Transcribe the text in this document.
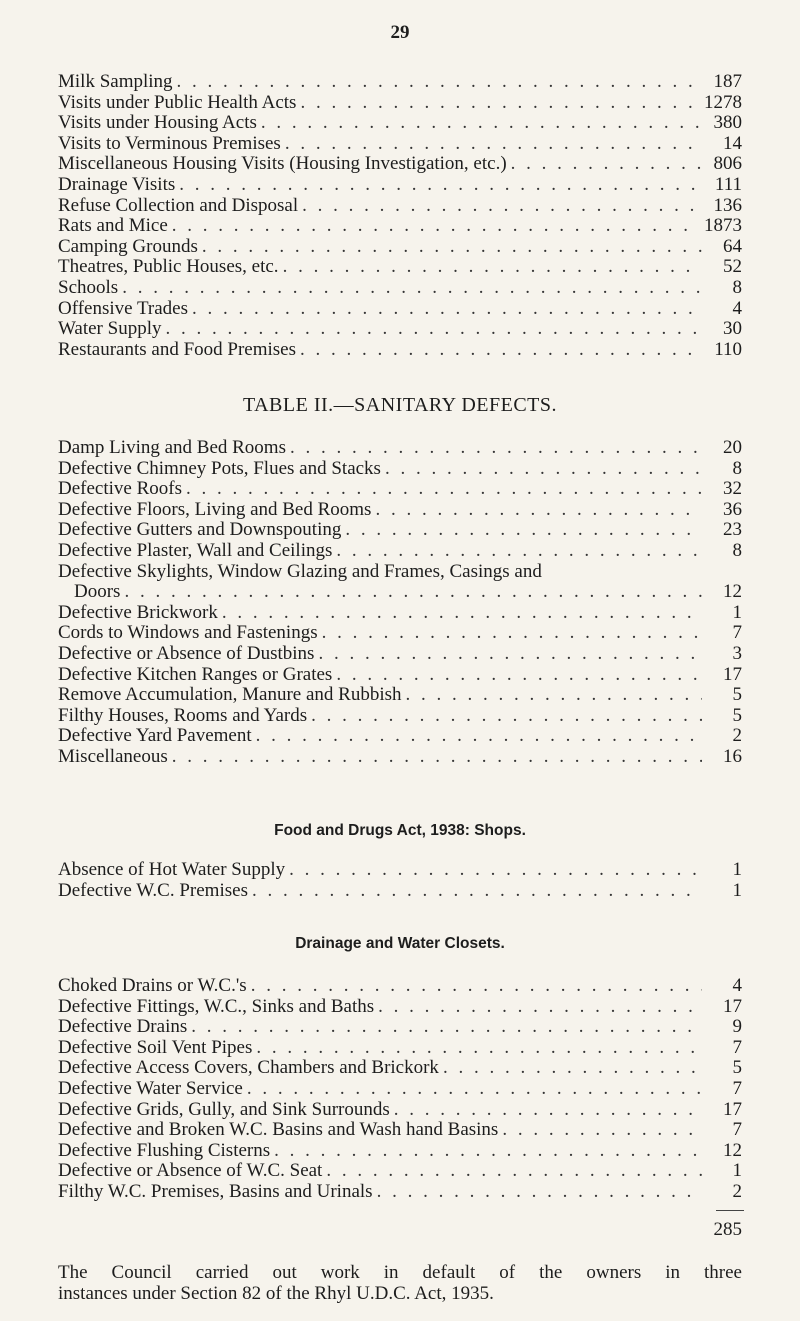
29
Milk Sampling . . .	187
Visits under Public Health Acts . . .	1278
Visits under Housing Acts . . .	380
Visits to Verminous Premises . . .	14
Miscellaneous Housing Visits (Housing Investigation, etc.) . . .	806
Drainage Visits . . .	111
Refuse Collection and Disposal . . .	136
Rats and Mice . . .	1873
Camping Grounds . . .	64
Theatres, Public Houses, etc. . . .	52
Schools . . .	8
Offensive Trades . . .	4
Water Supply . . .	30
Restaurants and Food Premises . . .	110
TABLE II.—SANITARY DEFECTS.
Damp Living and Bed Rooms . . .	20
Defective Chimney Pots, Flues and Stacks . . .	8
Defective Roofs . . .	32
Defective Floors, Living and Bed Rooms . . .	36
Defective Gutters and Downspouting . . .	23
Defective Plaster, Wall and Ceilings . . .	8
Defective Skylights, Window Glazing and Frames, Casings and
Doors . . .	12
Defective Brickwork . . .	1
Cords to Windows and Fastenings . . .	7
Defective or Absence of Dustbins . . .	3
Defective Kitchen Ranges or Grates . . .	17
Remove Accumulation, Manure and Rubbish . . .	5
Filthy Houses, Rooms and Yards . . .	5
Defective Yard Pavement . . .	2
Miscellaneous . . .	16
Food and Drugs Act, 1938: Shops.
Absence of Hot Water Supply . . .	1
Defective W.C. Premises . . .	1
Drainage and Water Closets.
Choked Drains or W.C.'s . . .	4
Defective Fittings, W.C., Sinks and Baths . . .	17
Defective Drains . . .	9
Defective Soil Vent Pipes . . .	7
Defective Access Covers, Chambers and Brickork . . .	5
Defective Water Service . . .	7
Defective Grids, Gully, and Sink Surrounds . . .	17
Defective and Broken W.C. Basins and Wash hand Basins . . .	7
Defective Flushing Cisterns . . .	12
Defective or Absence of W.C. Seat . . .	1
Filthy W.C. Premises, Basins and Urinals . . .	2
285

The Council carried out work in default of the owners in three

instances under Section 82 of the Rhyl U.D.C. Act, 1935.
